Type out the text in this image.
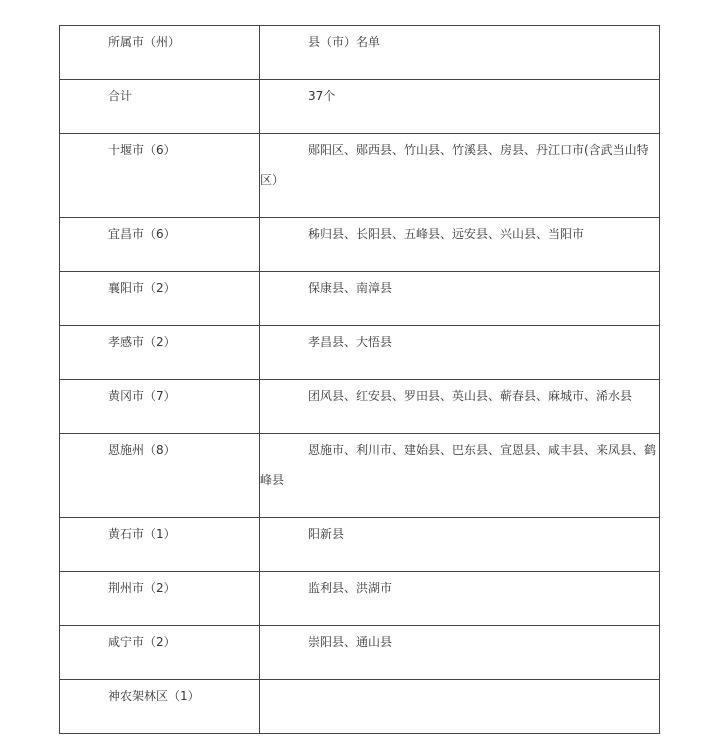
所属市（州）	县（市）名单

合计	37个

十堰市（6）	郧阳区、郧西县、竹山县、竹溪县、房县、丹江口市(含武当山特区）

宜昌市（6）	秭归县、长阳县、五峰县、远安县、兴山县、当阳市

襄阳市（2）	保康县、南漳县

孝感市（2）	孝昌县、大悟县

黄冈市（7）	团风县、红安县、罗田县、英山县、蕲春县、麻城市、浠水县

恩施州（8）	恩施市、利川市、建始县、巴东县、宣恩县、咸丰县、来凤县、鹤峰县

黄石市（1）	阳新县

荆州市（2）	监利县、洪湖市

咸宁市（2）	崇阳县、通山县

神农架林区（1）	
